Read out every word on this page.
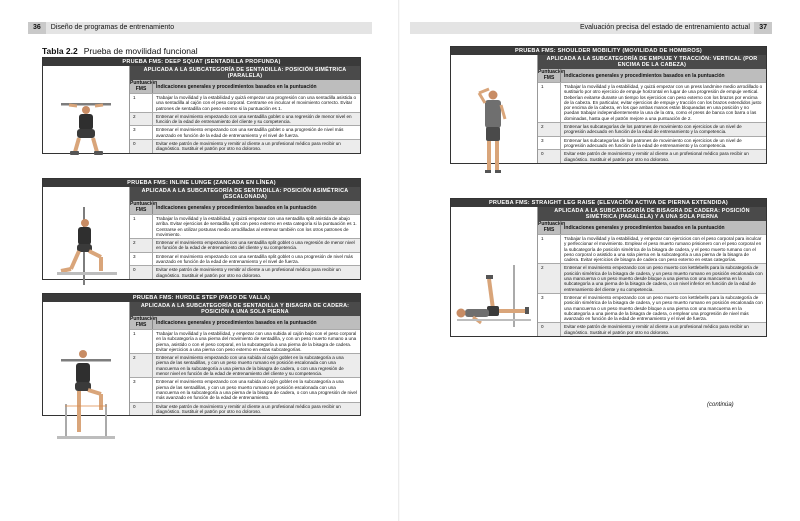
36 Diseño de programas de entrenamiento
Tabla 2.2 Prueba de movilidad funcional
PRUEBA FMS: DEEP SQUAT (SENTADILLA PROFUNDA)
APLICADA A LA SUBCATEGORÍA DE SENTADILLA: POSICIÓN SIMÉTRICA (PARALELA)
Puntuación FMS	Indicaciones generales y procedimientos basados en la puntuación
1	Trabajar la movilidad y la estabilidad y quizá empezar una progresión con una sentadilla asistida o una sentadilla al cajón con el peso corporal. Centrarse en inculcar el movimiento correcto. Evitar patrones de sentadilla con peso externo si la puntuación es 1.
2	Entrenar el movimiento empezando con una sentadilla goblet o una regresión de menor nivel en función de la edad de entrenamiento del cliente y su competencia.
3	Entrenar el movimiento empezando con una sentadilla goblet o una progresión de nivel más avanzado en función de la edad de entrenamiento y el nivel de fuerza.
0	Evitar este patrón de movimiento y remitir al cliente a un profesional médico para recibir un diagnóstico. Sustituir el patrón por otro no doloroso.
PRUEBA FMS: INLINE LUNGE (ZANCADA EN LÍNEA)
APLICADA A LA SUBCATEGORÍA DE SENTADILLA: POSICIÓN ASIMÉTRICA (ESCALONADA)
Puntuación FMS	Indicaciones generales y procedimientos basados en la puntuación
1	Trabajar la movilidad y la estabilidad, y quizá empezar con una sentadilla split asistida de abajo arriba. Evitar ejercicios de sentadilla split con peso externo en esta categoría si la puntuación es 1. Centrarse en utilizar posturas medio arrodilladas al entrenar también con los otros patrones de movimiento.
2	Entrenar el movimiento empezando con una sentadilla split goblet o una regresión de menor nivel en función de la edad de entrenamiento del cliente y su competencia.
3	Entrenar el movimiento empezando con una sentadilla split goblet o una progresión de nivel más avanzado en función de la edad de entrenamiento y el nivel de fuerza.
0	Evitar este patrón de movimiento y remitir al cliente a un profesional médico para recibir un diagnóstico. Sustituir el patrón por otro no doloroso.
PRUEBA FMS: HURDLE STEP (PASO DE VALLA)
APLICADA A LA SUBCATEGORÍA DE SENTADILLA Y BISAGRA DE CADERA: POSICIÓN A UNA SOLA PIERNA
Puntuación FMS	Indicaciones generales y procedimientos basados en la puntuación
1	Trabajar la movilidad y la estabilidad, y empezar con una subida al cajón bajo con el peso corporal en la subcategoría a una pierna del movimiento de sentadilla, y con un peso muerto rumano a una pierna, asistido o con el peso corporal, en la subcategoría a una pierna de la bisagra de cadera. Evitar ejercicios a una pierna con peso externo en estas subcategorías.
2	Entrenar el movimiento empezando con una subida al cajón goblet en la subcategoría a una pierna de las sentadillas, y con un peso muerto rumano en posición escalonada con una mancuerna en la subcategoría a una pierna de la bisagra de cadera, o con una regresión de menor nivel en función de la edad de entrenamiento del cliente y su competencia.
3	Entrenar el movimiento empezando con una subida al cajón goblet en la subcategoría a una pierna de las sentadillas, y con un peso muerto rumano en posición escalonada con una mancuerna en la subcategoría a una pierna de la bisagra de cadera, o con una progresión de nivel más avanzado en función de la edad de entrenamiento.
0	Evitar este patrón de movimiento y remitir al cliente a un profesional médico para recibir un diagnóstico. Sustituir el patrón por otro no doloroso.
Evaluación precisa del estado de entrenamiento actual	37
PRUEBA FMS: SHOULDER MOBILITY (MOVILIDAD DE HOMBROS)
APLICADA A LA SUBCATEGORÍA DE EMPUJE Y TRACCIÓN: VERTICAL (POR ENCIMA DE LA CABEZA)
Puntuación FMS	Indicaciones generales y procedimientos basados en la puntuación
1	Trabajar la movilidad y la estabilidad, y quizá empezar con un press landmine medio arrodillado o sustituirlo por otro ejercicio de empuje horizontal en lugar de una progresión de empuje vertical. Deberían evitarse durante un tiempo los ejercicios con peso externo con los brazos por encima de la cabeza. En particular, evitar ejercicios de empuje y tracción con los brazos extendidos justo por encima de la cabeza, en los que ambas manos están bloqueadas en una posición y no puedan trabajar independientemente la una de la otra, como el press de banca con barra o las dominadas, hasta que el patrón mejore a una puntuación de 2.
2	Entrenar las subcategorías de los patrones de movimiento con ejercicios de un nivel de progresión adecuado en función de la edad de entrenamiento y la competencia.
3	Entrenar las subcategorías de los patrones de movimiento con ejercicios de un nivel de progresión adecuado en función de la edad de entrenamiento y la competencia.
0	Evitar este patrón de movimiento y remitir al cliente a un profesional médico para recibir un diagnóstico. Sustituir el patrón por otro no doloroso.
PRUEBA FMS: STRAIGHT LEG RAISE (ELEVACIÓN ACTIVA DE PIERNA EXTENDIDA)
APLICADA A LA SUBCATEGORÍA DE BISAGRA DE CADERA: POSICIÓN SIMÉTRICA (PARALELA) Y A UNA SOLA PIERNA
Puntuación FMS	Indicaciones generales y procedimientos basados en la puntuación
1	Trabajar la movilidad y la estabilidad, y empezar con ejercicios con el peso corporal para inculcar y perfeccionar el movimiento. Emplear el peso muerto rumano prisionero con el peso corporal en la subcategoría de posición simétrica de la bisagra de cadera, y el peso muerto rumano con el peso corporal o asistido a una sola pierna en la subcategoría a una pierna de la bisagra de cadera. Evitar ejercicios de bisagra de cadera con peso externo en estas categorías.
2	Entrenar el movimiento empezando con un peso muerto con kettlebells para la subcategoría de posición simétrica de la bisagra de cadera, y un peso muerto rumano en posición escalonada con una mancuerna o un peso muerto desde bloque a una pierna con una mancuerna en la subcategoría a una pierna de la bisagra de cadera, o un nivel inferior en función de la edad de entrenamiento del cliente y su competencia.
3	Entrenar el movimiento empezando con un peso muerto con kettlebells para la subcategoría de posición simétrica de la bisagra de cadera, y un peso muerto rumano en posición escalonada con una mancuerna o un peso muerto desde bloque a una pierna con una mancuerna en la subcategoría a una pierna de la bisagra de cadera, o emplear una progresión de nivel más avanzado en función de la edad de entrenamiento y el nivel de fuerza.
0	Evitar este patrón de movimiento y remitir al cliente a un profesional médico para recibir un diagnóstico. Sustituir el patrón por otro no doloroso.
(continúa)
